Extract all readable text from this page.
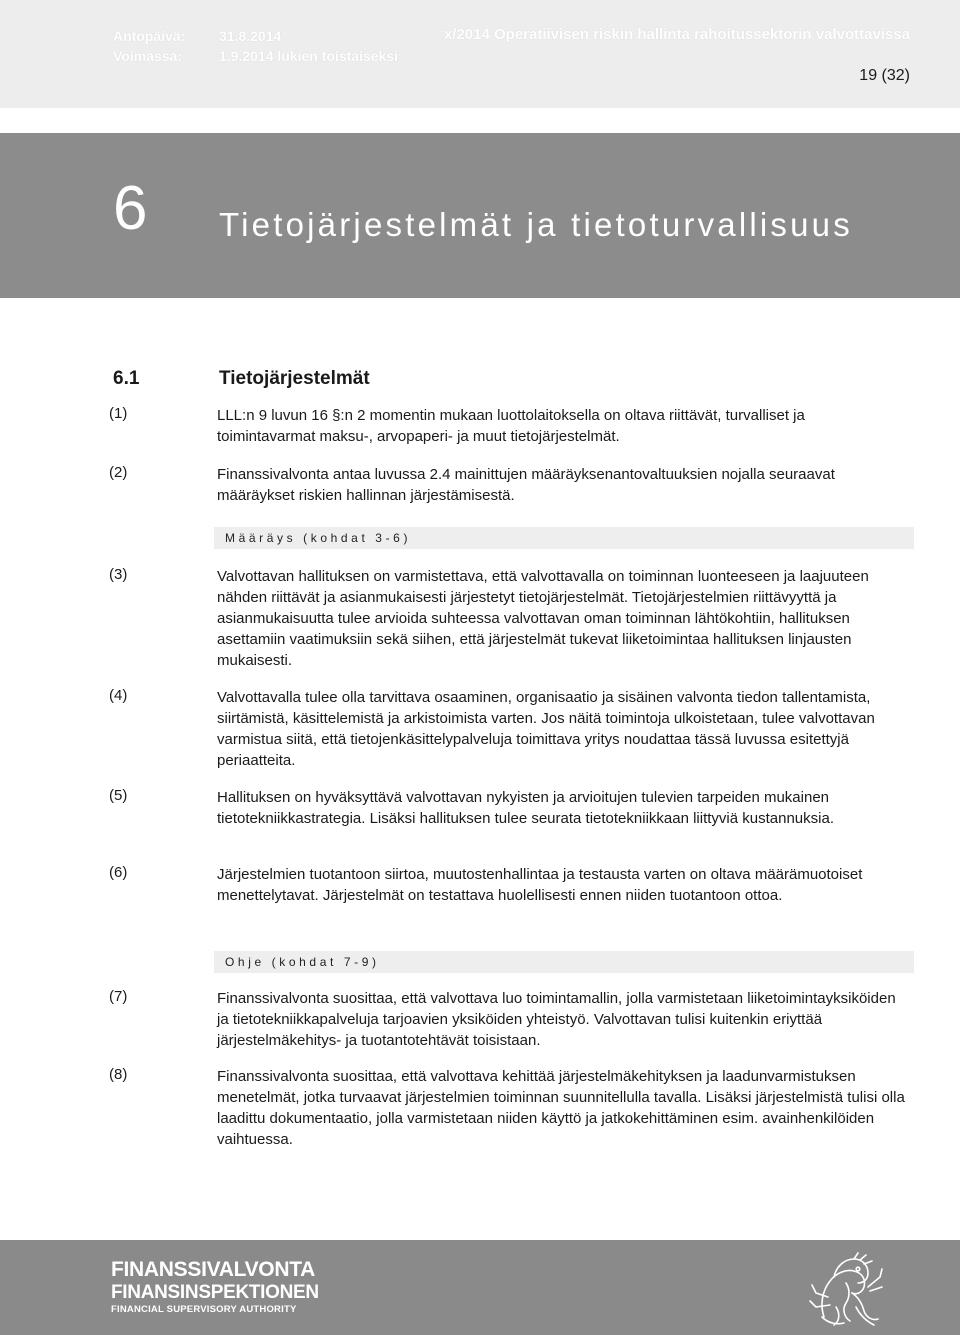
Antopäivä: 31.8.2014
Voimassa:	1.9.2014 lukien toistaiseksi
x/2014 Operatiivisen riskin hallinta rahoitussektorin valvottavissa
19 (32)
6 Tietojärjestelmät ja tietoturvallisuus
6.1	Tietojärjestelmät
(1)	LLL:n 9 luvun 16 §:n 2 momentin mukaan luottolaitoksella on oltava riittävät, turvalliset ja toimintavarmat maksu-, arvopaperi- ja muut tietojärjestelmät.
(2)	Finanssivalvonta antaa luvussa 2.4 mainittujen määräyksenantovaltuuksien nojalla seuraavat määräykset riskien hallinnan järjestämisestä.
Määräys (kohdat 3-6)
(3)	Valvottavan hallituksen on varmistettava, että valvottavalla on toiminnan luonteeseen ja laajuuteen nähden riittävät ja asianmukaisesti järjestetyt tietojärjestelmät. Tietojärjestelmien riittävyyttä ja asianmukaisuutta tulee arvioida suhteessa valvottavan oman toiminnan lähtökohtiin, hallituksen asettamiin vaatimuksiin sekä siihen, että järjestelmät tukevat liiketoimintaa hallituksen linjausten mukaisesti.
(4)	Valvottavalla tulee olla tarvittava osaaminen, organisaatio ja sisäinen valvonta tiedon tallentamista, siirtämistä, käsittelemistä ja arkistoimista varten. Jos näitä toimintoja ulkoistetaan, tulee valvottavan varmistua siitä, että tietojenkäsittelypalveluja toimittava yritys noudattaa tässä luvussa esitettyjä periaatteita.
(5)	Hallituksen on hyväksyttävä valvottavan nykyisten ja arvioitujen tulevien tarpeiden mukainen tietotekniikkastrategia. Lisäksi hallituksen tulee seurata tietotekniikkaan liittyviä kustannuksia.
(6)	Järjestelmien tuotantoon siirtoa, muutostenhallintaa ja testausta varten on oltava määrämuotoiset menettelytavat. Järjestelmät on testattava huolellisesti ennen niiden tuotantoon ottoa.
Ohje (kohdat 7-9)
(7)	Finanssivalvonta suosittaa, että valvottava luo toimintamallin, jolla varmistetaan liiketoimintayksiköiden ja tietotekniikkapalveluja tarjoavien yksiköiden yhteistyö. Valvottavan tulisi kuitenkin eriyttää järjestelmäkehitys- ja tuotantotehtävät toisistaan.
(8)	Finanssivalvonta suosittaa, että valvottava kehittää järjestelmäkehityksen ja laadunvarmistuksen menetelmät, jotka turvaavat järjestelmien toiminnan suunnitellulla tavalla. Lisäksi järjestelmistä tulisi olla laadittu dokumentaatio, jolla varmistetaan niiden käyttö ja jatkokehittäminen esim. avainhenkilöiden vaihtuessa.
FINANSSIVALVONTA
FINANSINSPEKTIONEN
FINANCIAL SUPERVISORY AUTHORITY
